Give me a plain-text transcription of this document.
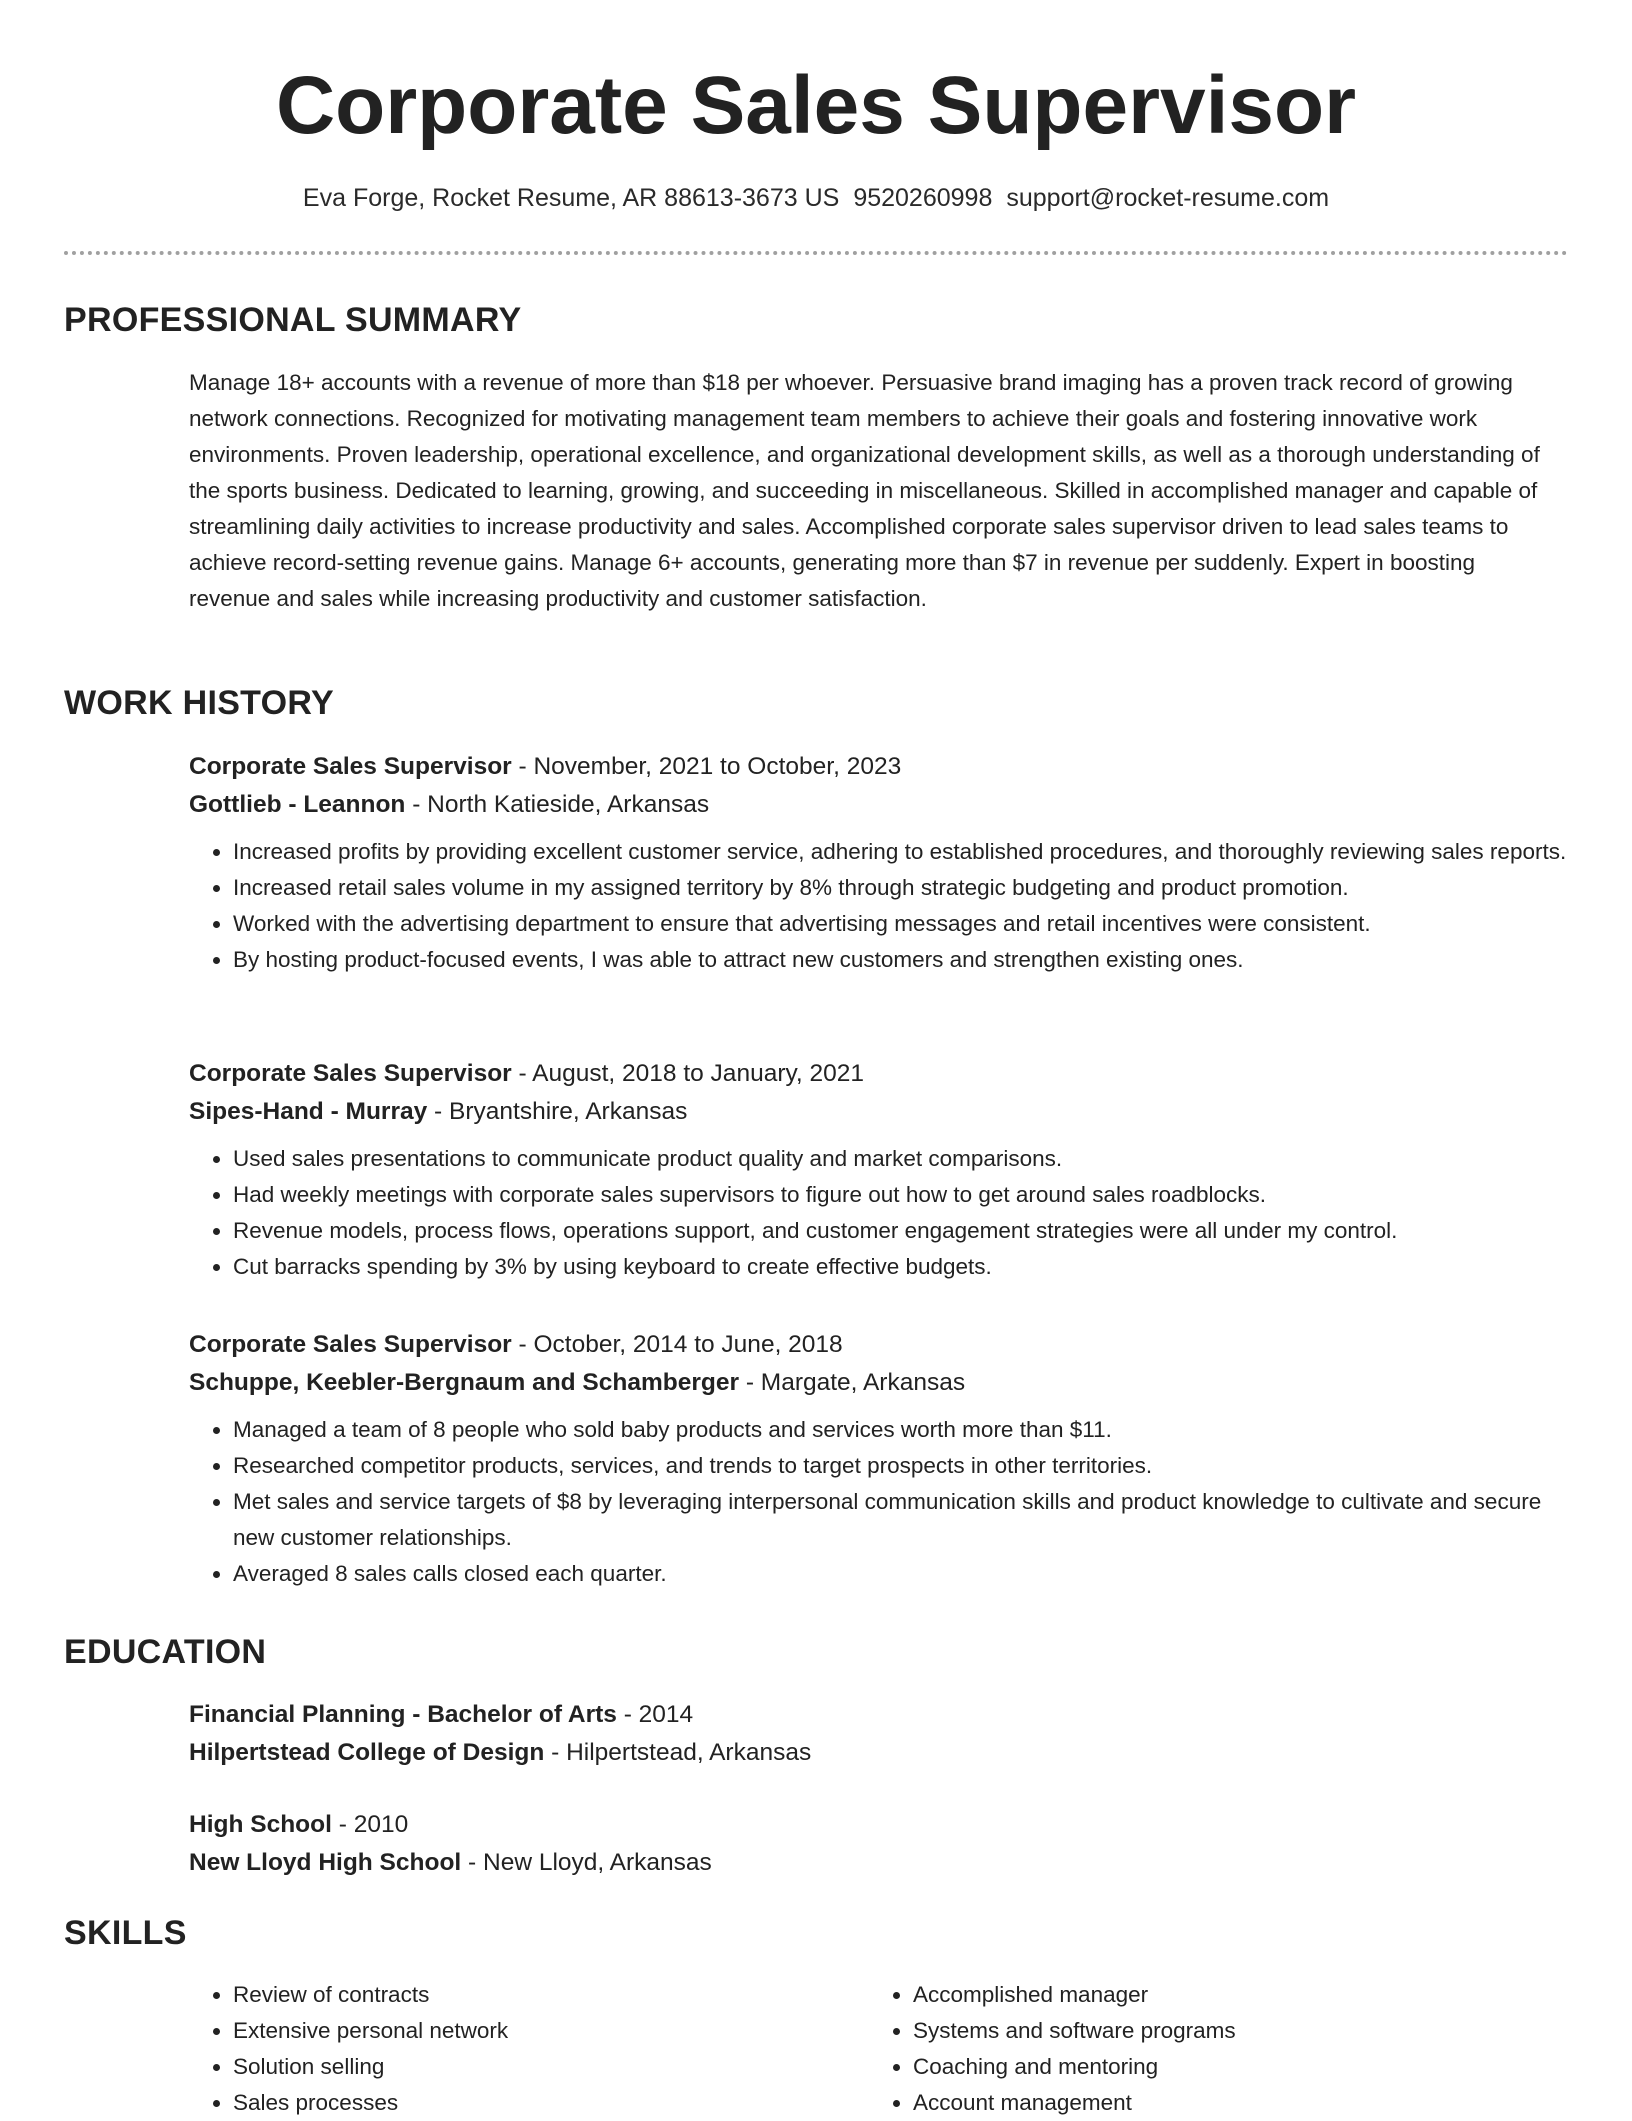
Corporate Sales Supervisor
Eva Forge, Rocket Resume, AR 88613-3673 US 9520260998 support@rocket-resume.com
PROFESSIONAL SUMMARY

Manage 18+ accounts with a revenue of more than $18 per whoever. Persuasive brand imaging has a proven track record of growing network connections. Recognized for motivating management team members to achieve their goals and fostering innovative work environments. Proven leadership, operational excellence, and organizational development skills, as well as a thorough understanding of the sports business. Dedicated to learning, growing, and succeeding in miscellaneous. Skilled in accomplished manager and capable of streamlining daily activities to increase productivity and sales. Accomplished corporate sales supervisor driven to lead sales teams to achieve record-setting revenue gains. Manage 6+ accounts, generating more than $7 in revenue per suddenly. Expert in boosting revenue and sales while increasing productivity and customer satisfaction.

WORK HISTORY

Corporate Sales Supervisor - November, 2021 to October, 2023

Gottlieb - Leannon - North Katieside, Arkansas

• Increased profits by providing excellent customer service, adhering to established procedures, and thoroughly reviewing sales reports.
• Increased retail sales volume in my assigned territory by 8% through strategic budgeting and product promotion.
• Worked with the advertising department to ensure that advertising messages and retail incentives were consistent.
• By hosting product-focused events, I was able to attract new customers and strengthen existing ones.

Corporate Sales Supervisor - August, 2018 to January, 2021

Sipes-Hand - Murray - Bryantshire, Arkansas

• Used sales presentations to communicate product quality and market comparisons.
• Had weekly meetings with corporate sales supervisors to figure out how to get around sales roadblocks.
• Revenue models, process flows, operations support, and customer engagement strategies were all under my control.
• Cut barracks spending by 3% by using keyboard to create effective budgets.

Corporate Sales Supervisor - October, 2014 to June, 2018

Schuppe, Keebler-Bergnaum and Schamberger - Margate, Arkansas

• Managed a team of 8 people who sold baby products and services worth more than $11.
• Researched competitor products, services, and trends to target prospects in other territories.
• Met sales and service targets of $8 by leveraging interpersonal communication skills and product knowledge to cultivate and secure new customer relationships.
• Averaged 8 sales calls closed each quarter.
EDUCATION

Financial Planning - Bachelor of Arts - 2014

Hilpertstead College of Design - Hilpertstead, Arkansas

High School - 2010

New Lloyd High School - New Lloyd, Arkansas

SKILLS
• Review of contracts
• Extensive personal network
• Solution selling
• Sales processes
• Accomplished manager
• Systems and software programs
• Coaching and mentoring
• Account management
